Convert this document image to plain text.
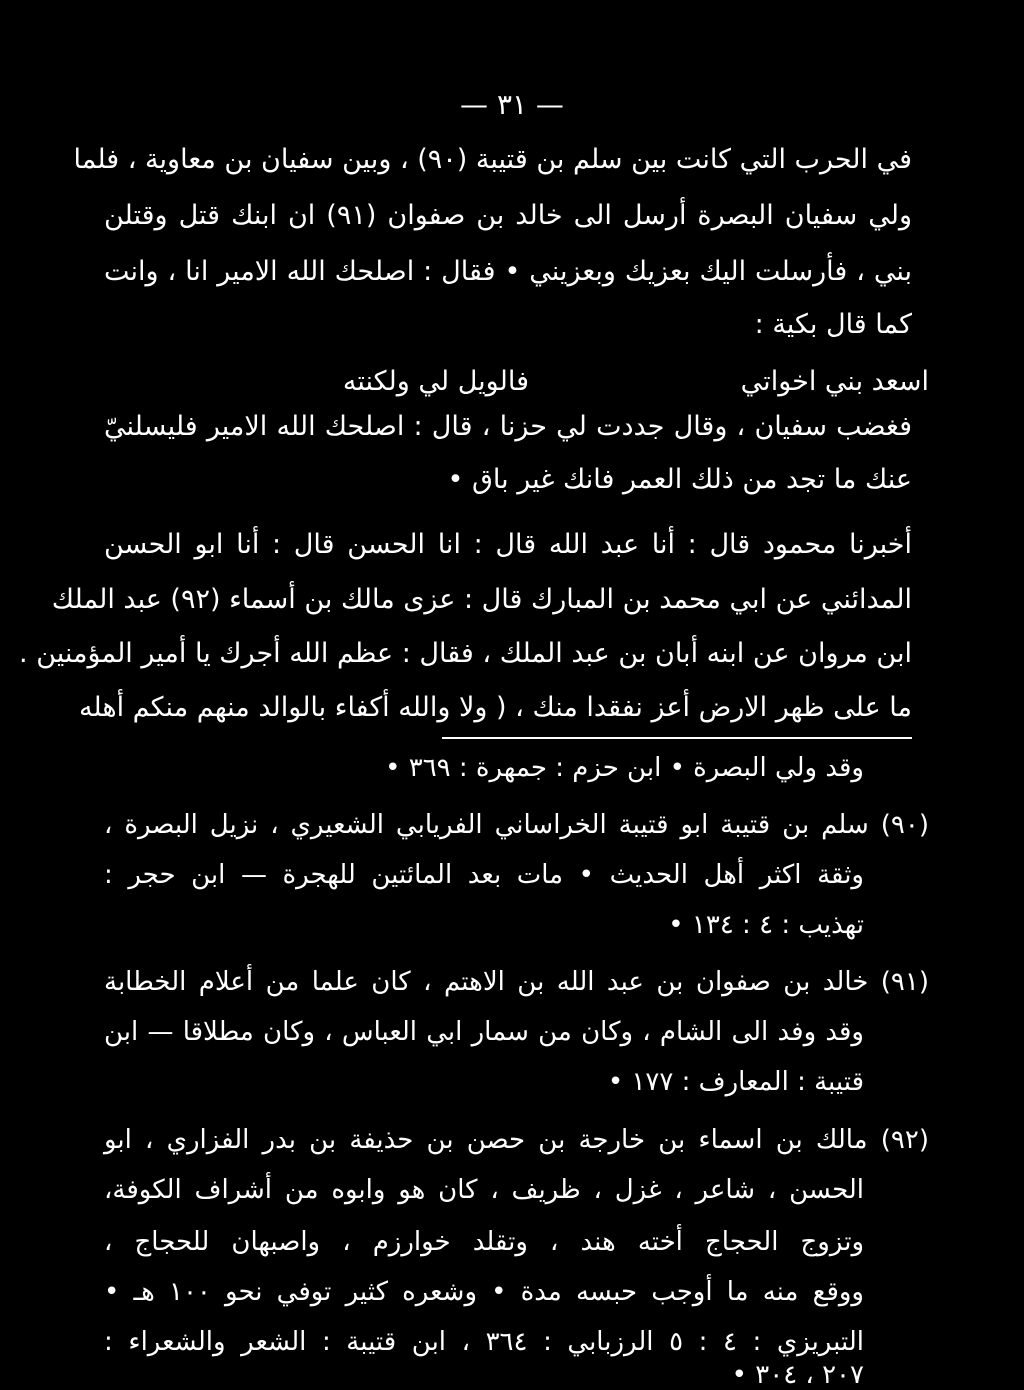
— ٣١ —
في الحرب التي كانت بين سلم بن قتيبة (٩٠) ، وبين سفيان بن معاوية ، فلما
ولي سفيان البصرة أرسل الى خالد بن صفوان (٩١) ان ابنك قتل وقتلن
بني ، فأرسلت اليك بعزيك وبعزيني • فقال : اصلحك الله الامير انا ، وانت
كما قال بكية :
اسعد بني اخواتي
فالويل لي ولكنته
فغضب سفيان ، وقال جددت لي حزنا ، قال : اصلحك الله الامير فليسلنيّ
عنك ما تجد من ذلك العمر فانك غير باق •
أخبرنا محمود قال : أنا عبد الله قال : انا الحسن قال : أنا ابو الحسن
المدائني عن ابي محمد بن المبارك قال : عزى مالك بن أسماء (٩٢) عبد الملك
ابن مروان عن ابنه أبان بن عبد الملك ، فقال : عظم الله أجرك يا أمير المؤمنين .
ما على ظهر الارض أعز نفقدا منك ، ( ولا والله أكفاء بالوالد منهم منكم أهله
وقد ولي البصرة • ابن حزم : جمهرة : ٣٦٩ •
(٩٠) سلم بن قتيبة ابو قتيبة الخراساني الفريابي الشعيري ، نزيل البصرة ،
وثقة اكثر أهل الحديث • مات بعد المائتين للهجرة — ابن حجر :
تهذيب : ٤ : ١٣٤ •
(٩١) خالد بن صفوان بن عبد الله بن الاهتم ، كان علما من أعلام الخطابة
وقد وفد الى الشام ، وكان من سمار ابي العباس ، وكان مطلاقا — ابن
قتيبة : المعارف : ١٧٧ •
(٩٢) مالك بن اسماء بن خارجة بن حصن بن حذيفة بن بدر الفزاري ، ابو
الحسن ، شاعر ، غزل ، ظريف ، كان هو وابوه من أشراف الكوفة،
وتزوج الحجاج أخته هند ، وتقلد خوارزم ، واصبهان للحجاج ،
ووقع منه ما أوجب حبسه مدة • وشعره كثير توفي نحو ١٠٠ هـ •
التبريزي : ٤ : ٥ الرزبابي : ٣٦٤ ، ابن قتيبة : الشعر والشعراء :
٢٠٧ ، ٣٠٤ •
